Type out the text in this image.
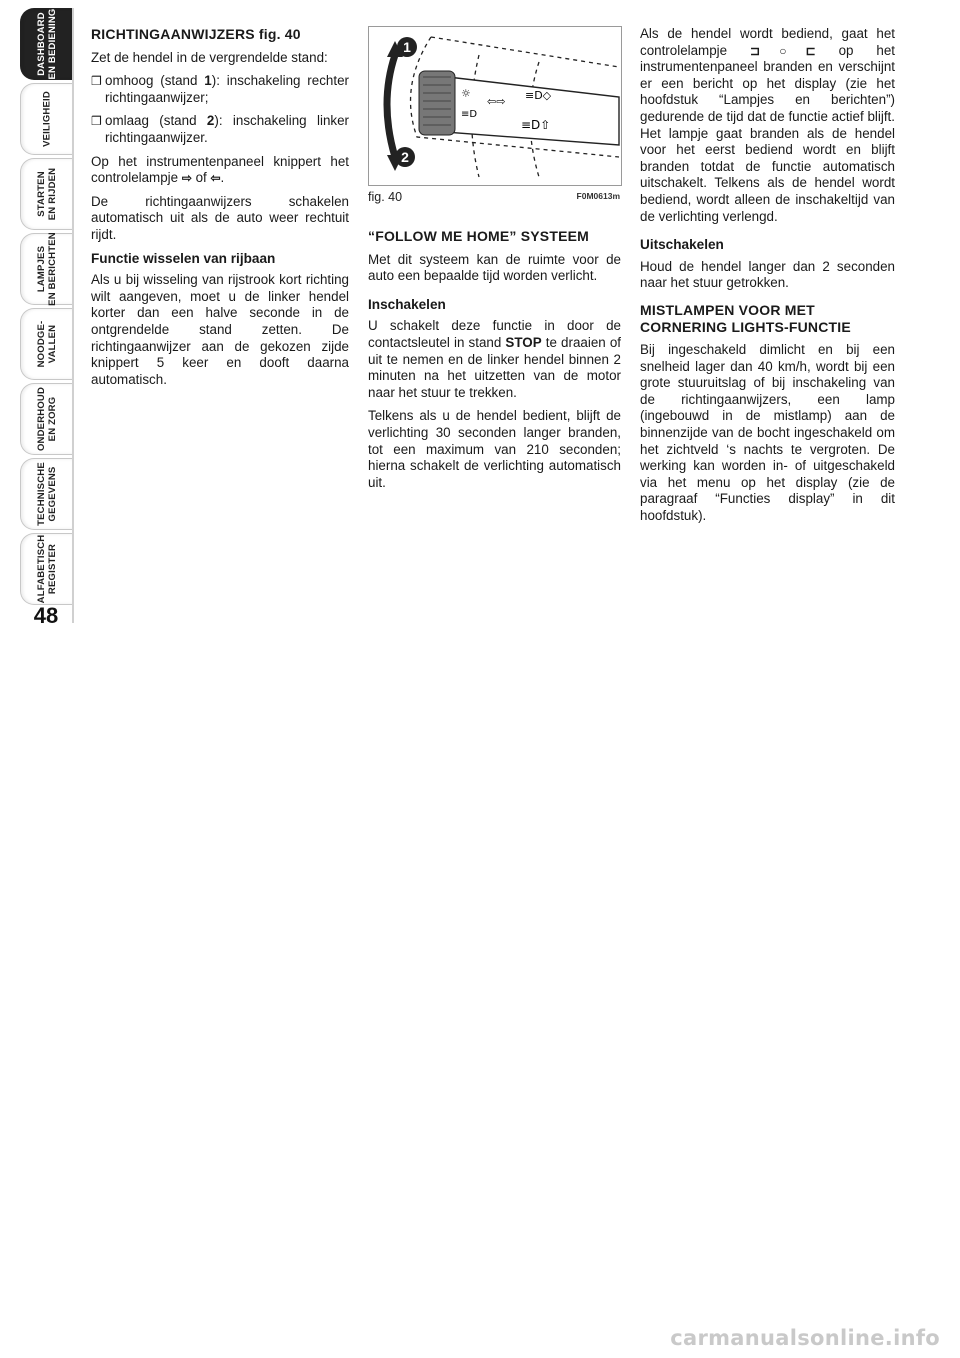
DASHBOARD
EN BEDIENING
VEILIGHEID
STARTEN
EN RIJDEN
LAMPJES
EN BERICHTEN
NOODGE-
VALLEN
ONDERHOUD
EN ZORG
TECHNISCHE
GEGEVENS
ALFABETISCH
REGISTER
48
RICHTINGAANWIJZERS fig. 40

Zet de hendel in de vergrendelde stand:

❒ omhoog (stand 1): inschakeling rechter richtingaanwijzer;
❒ omlaag (stand 2): inschakeling linker richtingaanwijzer.

Op het instrumentenpaneel knippert het controlelampje ⇨ of ⇦.

De richtingaanwijzers schakelen automatisch uit als de auto weer rechtuit rijdt.

Functie wisselen van rijbaan

Als u bij wisseling van rijstrook kort richting wilt aangeven, moet u de linker hendel korter dan een halve seconde in de ontgrendelde stand zetten. De richtingaanwijzer aan de gekozen zijde knippert 5 keer en dooft daarna automatisch.

☼
≡D
⇦⇨ ≡D◇
≡D⇧
1
2
fig. 40	F0M0613m
“FOLLOW ME HOME” SYSTEEM

Met dit systeem kan de ruimte voor de auto een bepaalde tijd worden verlicht.

Inschakelen

U schakelt deze functie in door de contactsleutel in stand STOP te draaien of uit te nemen en de linker hendel binnen 2 minuten na het uitzetten van de motor naar het stuur te trekken.

Telkens als u de hendel bedient, blijft de verlichting 30 seconden langer branden, tot een maximum van 210 seconden; hierna schakelt de verlichting automatisch uit.

Als de hendel wordt bediend, gaat het controlelampje ⊐○⊏ op het instrumentenpaneel branden en verschijnt er een bericht op het display (zie het hoofdstuk “Lampjes en berichten”) gedurende de tijd dat de functie actief blijft. Het lampje gaat branden als de hendel voor het eerst bediend wordt en blijft branden totdat de functie automatisch uitschakelt. Telkens als de hendel wordt bediend, wordt alleen de inschakeltijd van de verlichting verlengd.

Uitschakelen

Houd de hendel langer dan 2 seconden naar het stuur getrokken.

MISTLAMPEN VOOR MET CORNERING LIGHTS-FUNCTIE

Bij ingeschakeld dimlicht en bij een snelheid lager dan 40 km/h, wordt bij een grote stuuruitslag of bij inschakeling van de richtingaanwijzers, een lamp (ingebouwd in de mistlamp) aan de binnenzijde van de bocht ingeschakeld om het zichtveld ‘s nachts te vergroten. De werking kan worden in- of uitgeschakeld via het menu op het display (zie de paragraaf “Functies display” in dit hoofdstuk).

carmanualsonline.info
